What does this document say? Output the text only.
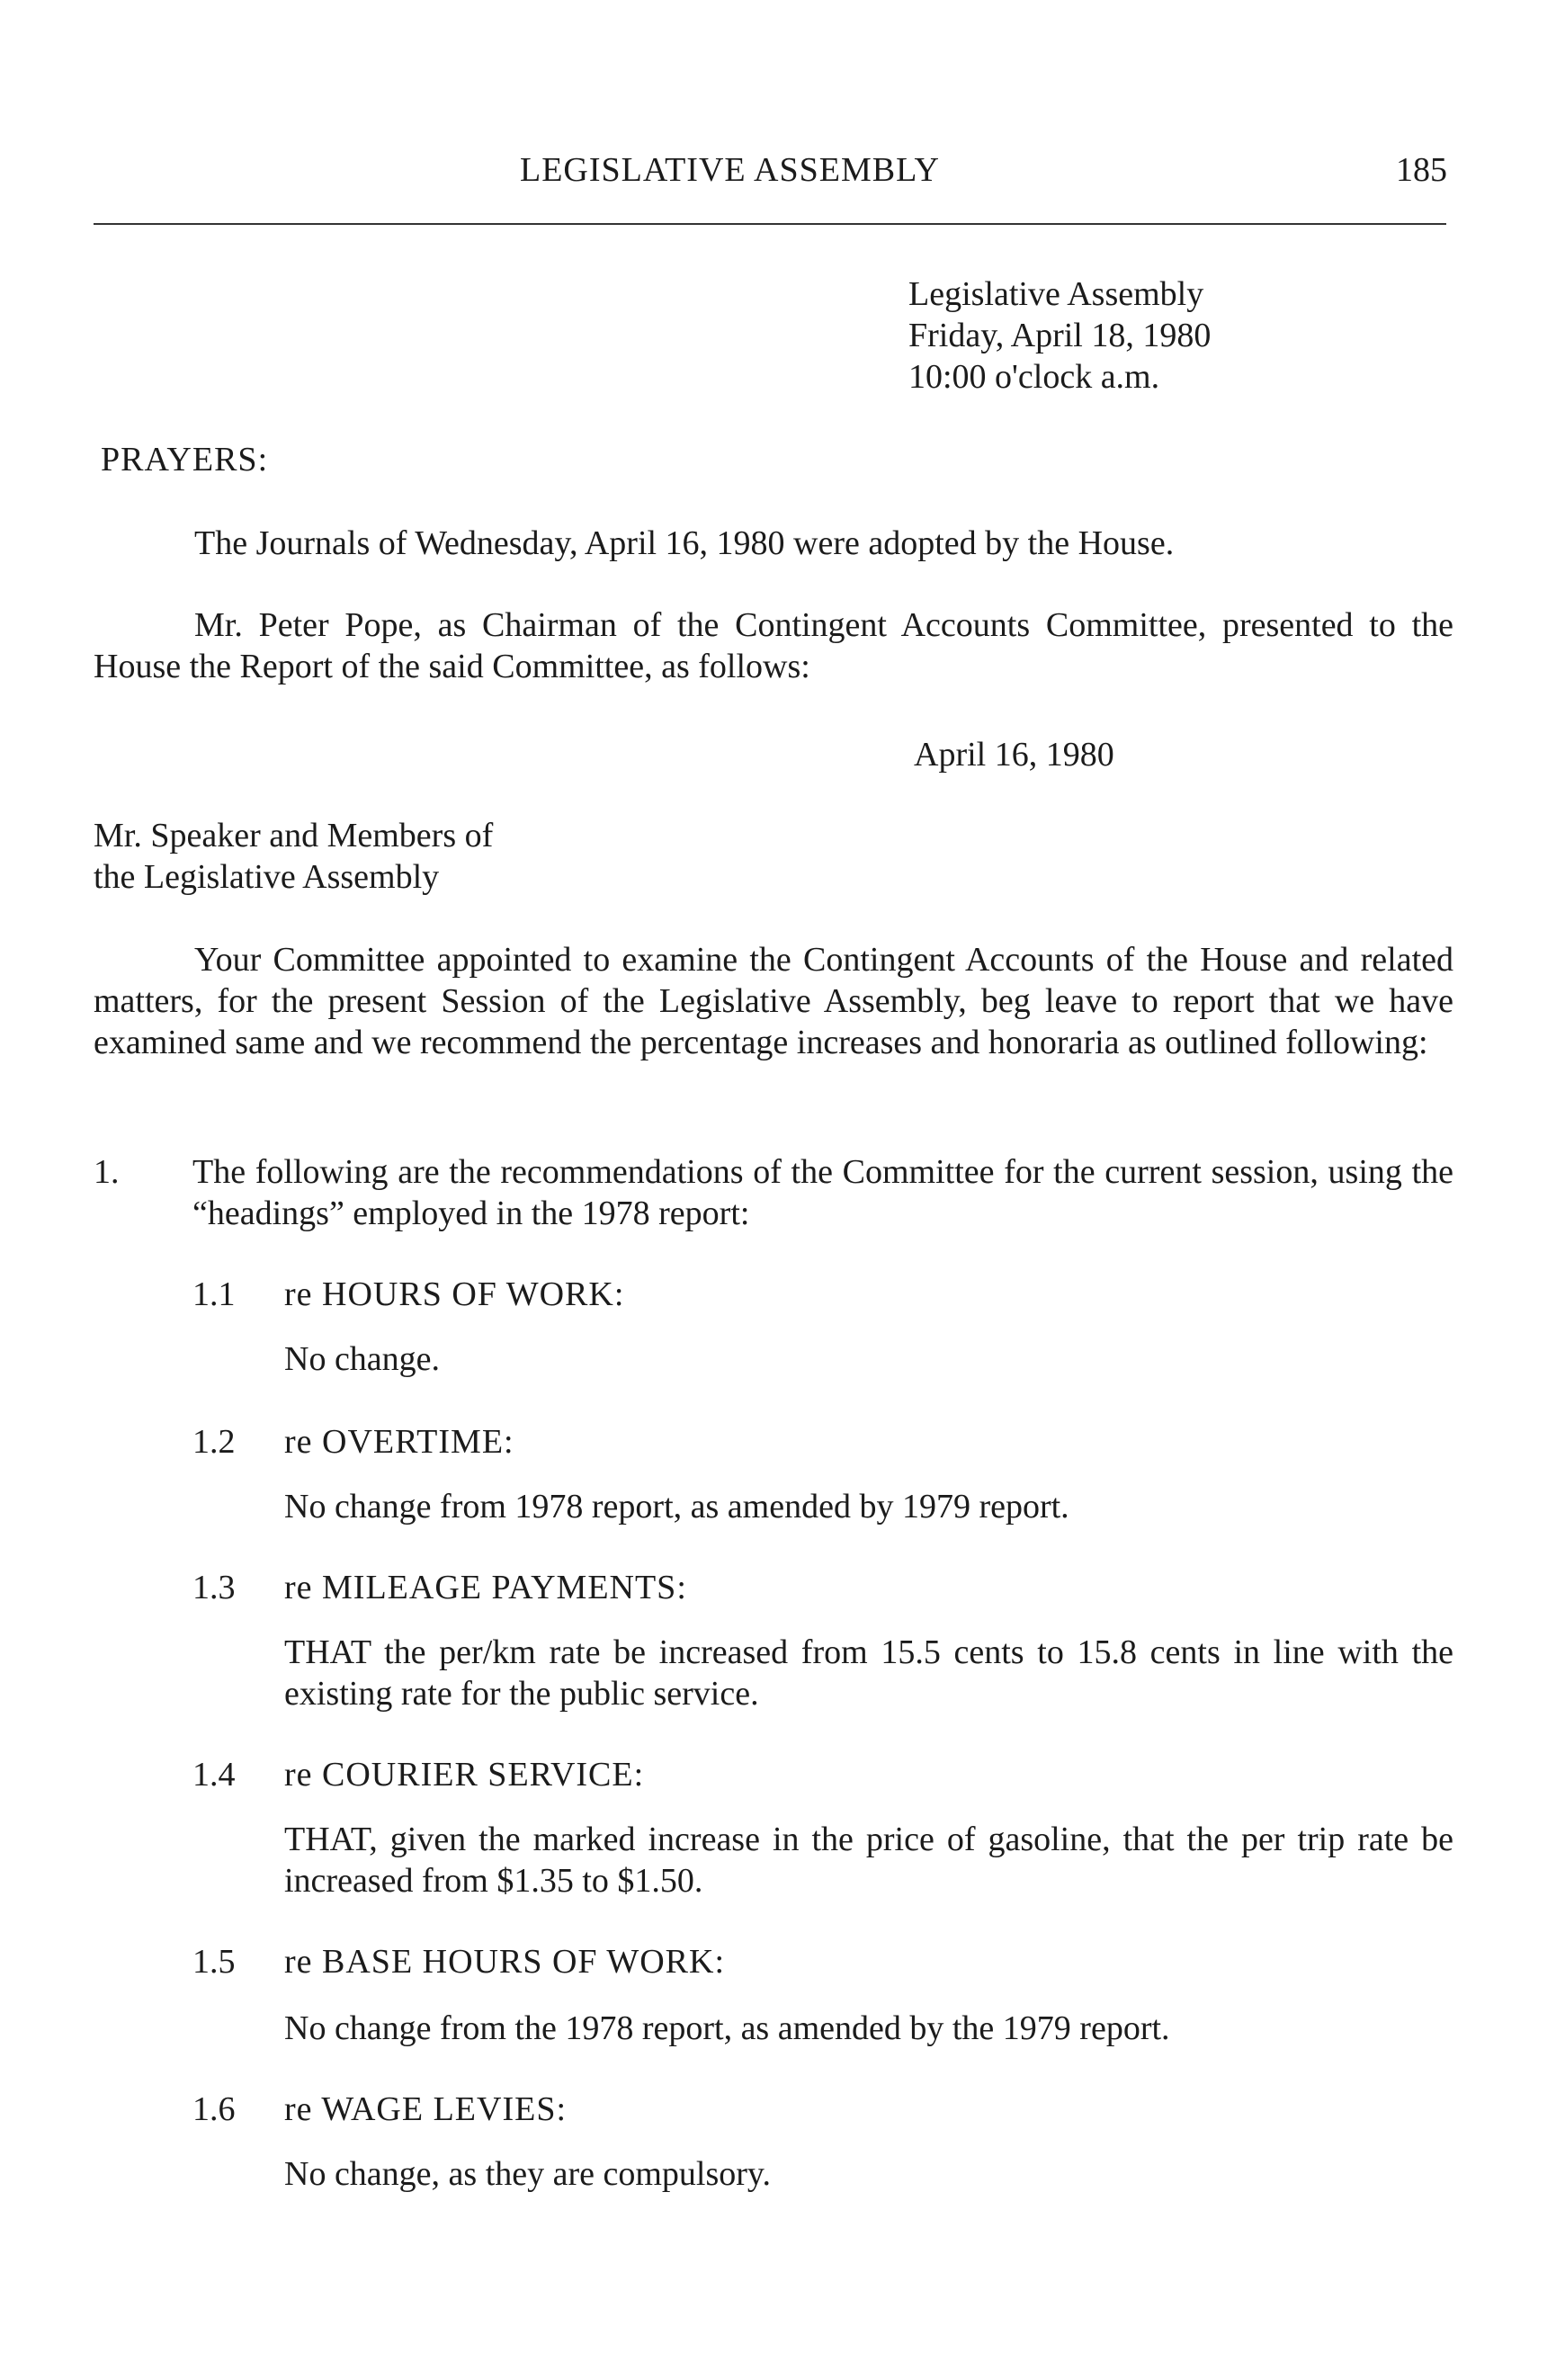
LEGISLATIVE ASSEMBLY	185
Legislative Assembly
Friday, April 18, 1980
10:00 o'clock a.m.
PRAYERS:
The Journals of Wednesday, April 16, 1980 were adopted by the House.
Mr. Peter Pope, as Chairman of the Contingent Accounts Committee, presented to the House the Report of the said Committee, as follows:
April 16, 1980
Mr. Speaker and Members of
the Legislative Assembly
Your Committee appointed to examine the Contingent Accounts of the House and related matters, for the present Session of the Legislative Assembly, beg leave to report that we have examined same and we recommend the percentage increases and honoraria as outlined following:
1. The following are the recommendations of the Committee for the current session, using the “headings” employed in the 1978 report:
1.1 re HOURS OF WORK:
No change.
1.2 re OVERTIME:
No change from 1978 report, as amended by 1979 report.
1.3 re MILEAGE PAYMENTS:
THAT the per/km rate be increased from 15.5 cents to 15.8 cents in line with the existing rate for the public service.
1.4 re COURIER SERVICE:
THAT, given the marked increase in the price of gasoline, that the per trip rate be increased from $1.35 to $1.50.
1.5 re BASE HOURS OF WORK:
No change from the 1978 report, as amended by the 1979 report.
1.6 re WAGE LEVIES:
No change, as they are compulsory.
